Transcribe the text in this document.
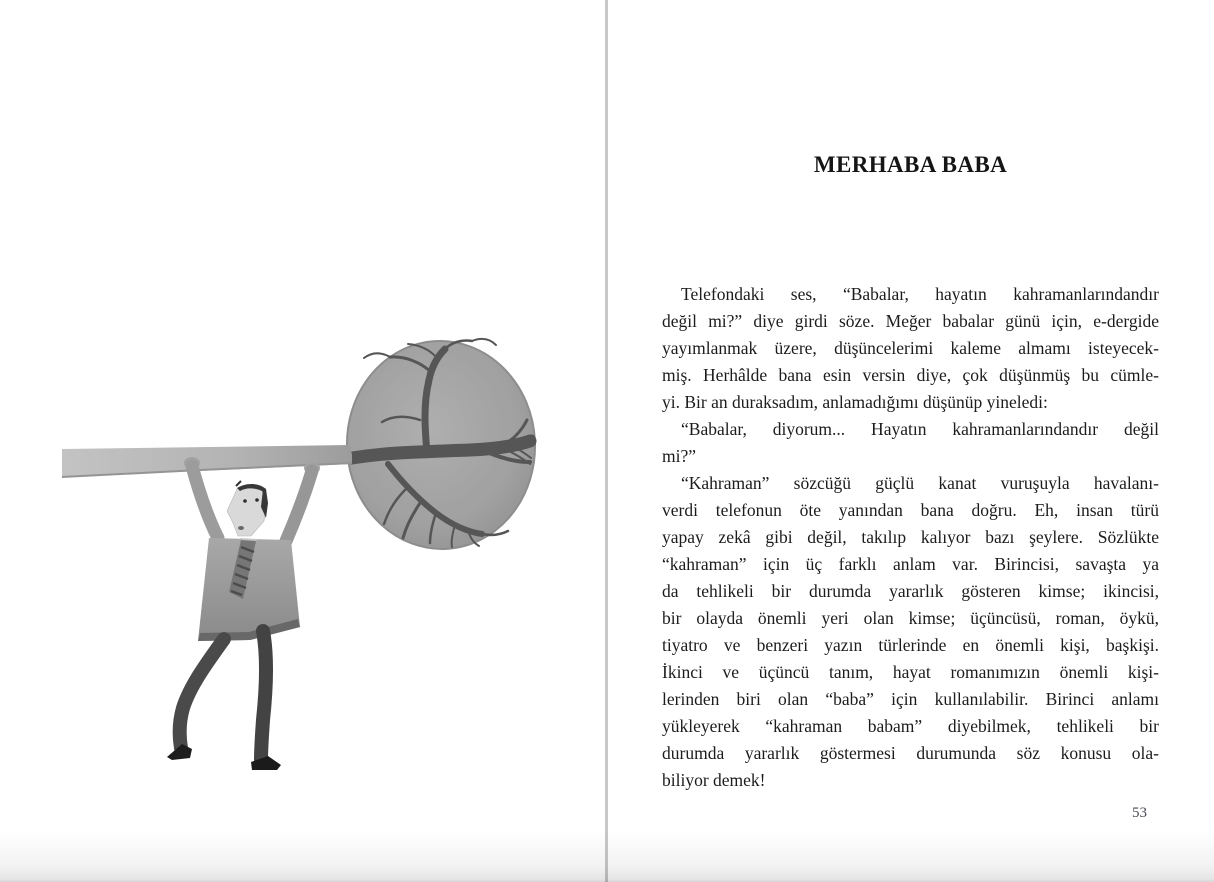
MERHABA BABA
Telefondaki ses, “Babalar, hayatın kahramanlarındandır
değil mi?” diye girdi söze. Meğer babalar günü için, e-dergide
yayımlanmak üzere, düşüncelerimi kaleme almamı isteyecek-
miş. Herhâlde bana esin versin diye, çok düşünmüş bu cümle-
yi. Bir an duraksadım, anlamadığımı düşünüp yineledi:
“Babalar, diyorum... Hayatın kahramanlarındandır değil
mi?”
“Kahraman” sözcüğü güçlü kanat vuruşuyla havalanı-
verdi telefonun öte yanından bana doğru. Eh, insan türü
yapay zekâ gibi değil, takılıp kalıyor bazı şeylere. Sözlükte
“kahraman” için üç farklı anlam var. Birincisi, savaşta ya
da tehlikeli bir durumda yararlık gösteren kimse; ikincisi,
bir olayda önemli yeri olan kimse; üçüncüsü, roman, öykü,
tiyatro ve benzeri yazın türlerinde en önemli kişi, başkişi.
İkinci ve üçüncü tanım, hayat romanımızın önemli kişi-
lerinden biri olan “baba” için kullanılabilir. Birinci anlamı
yükleyerek “kahraman babam” diyebilmek, tehlikeli bir
durumda yararlık göstermesi durumunda söz konusu ola-
biliyor demek!
53
